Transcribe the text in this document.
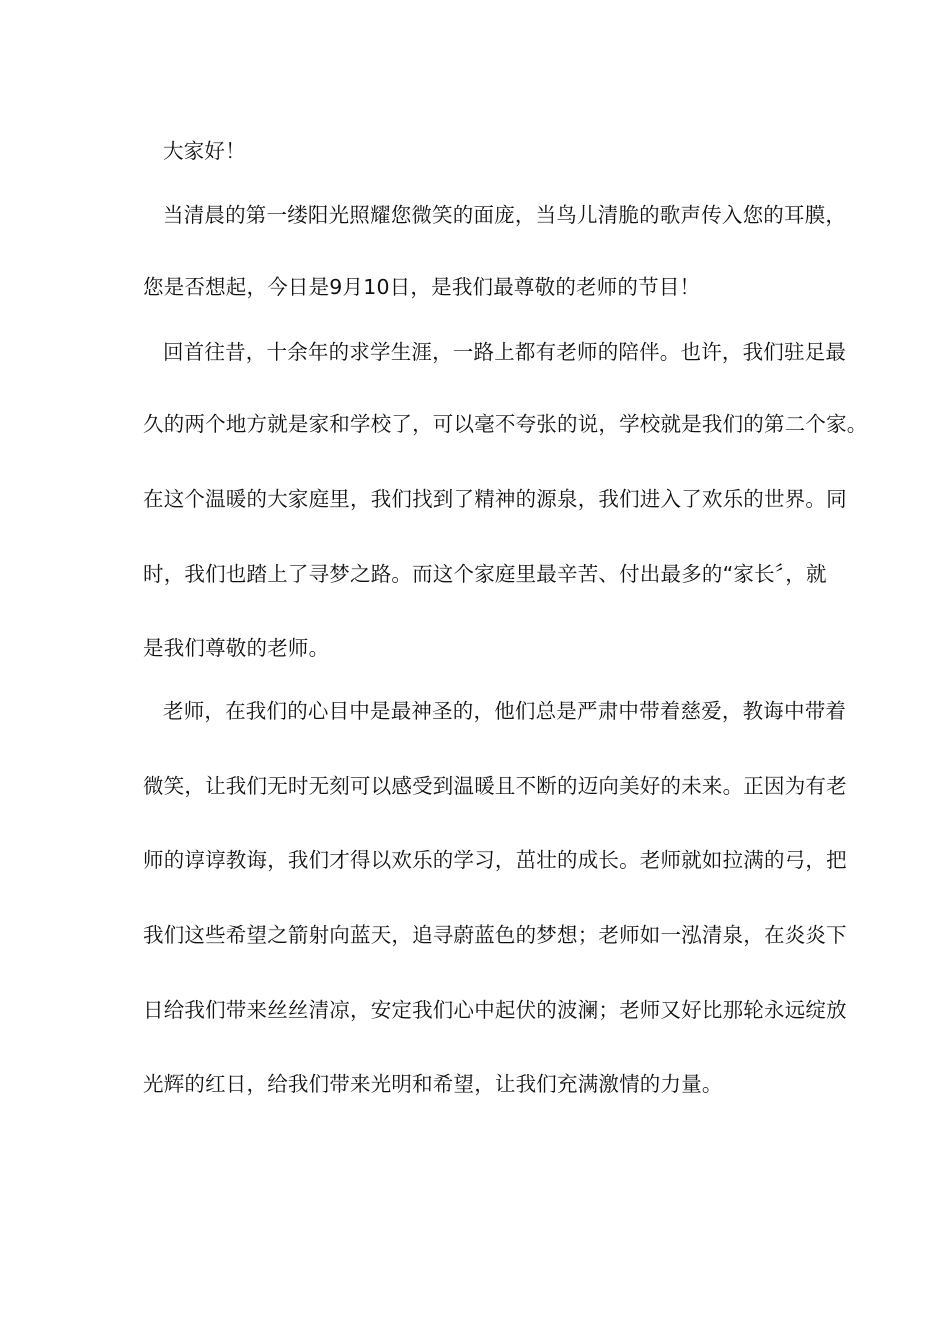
大家好！
当清晨的第一缕阳光照耀您微笑的面庞，当鸟儿清脆的歌声传入您的耳膜，
您是否想起，今日是9月10日，是我们最尊敬的老师的节目！
回首往昔，十余年的求学生涯，一路上都有老师的陪伴。也许，我们驻足最
久的两个地方就是家和学校了，可以毫不夸张的说，学校就是我们的第二个家。
在这个温暖的大家庭里，我们找到了精神的源泉，我们进入了欢乐的世界。同
时，我们也踏上了寻梦之路。而这个家庭里最辛苦、付出最多的“家长〞，就
是我们尊敬的老师。
老师，在我们的心目中是最神圣的，他们总是严肃中带着慈爱，教诲中带着
微笑，让我们无时无刻可以感受到温暖且不断的迈向美好的未来。正因为有老
师的谆谆教诲，我们才得以欢乐的学习，茁壮的成长。老师就如拉满的弓，把
我们这些希望之箭射向蓝天，追寻蔚蓝色的梦想；老师如一泓清泉，在炎炎下
日给我们带来丝丝清凉，安定我们心中起伏的波澜；老师又好比那轮永远绽放
光辉的红日，给我们带来光明和希望，让我们充满激情的力量。
